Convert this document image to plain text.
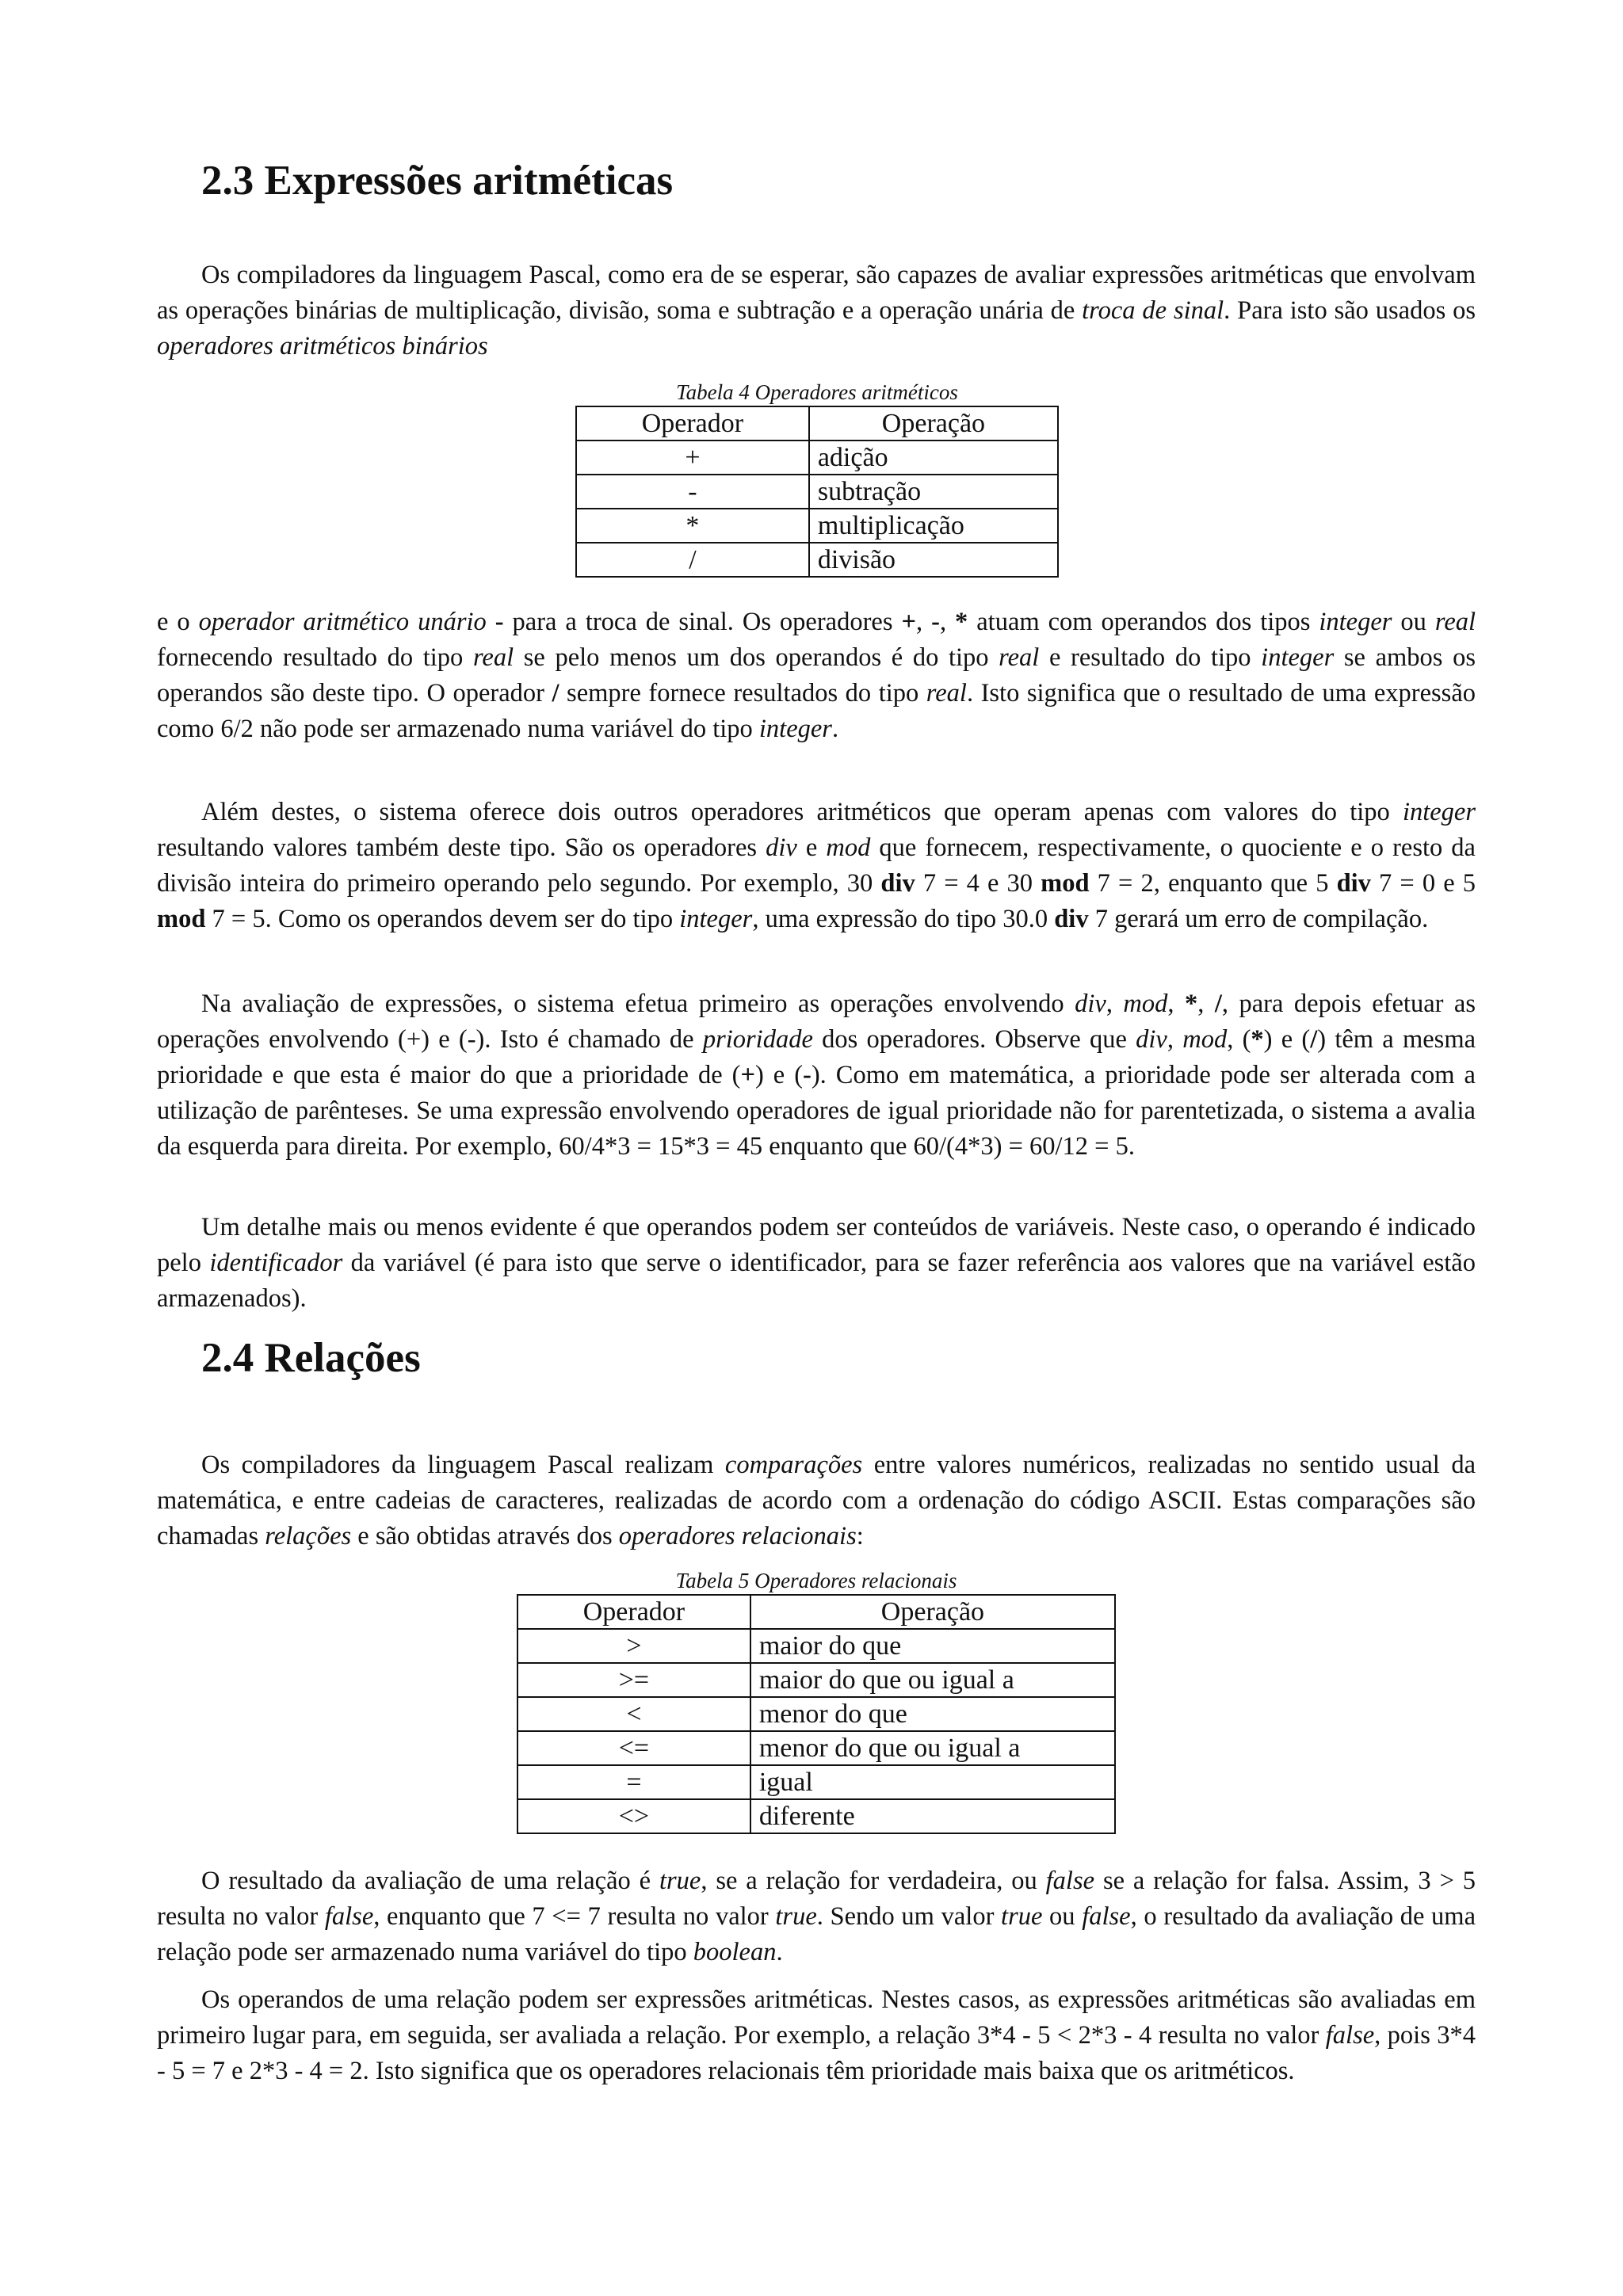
2.3 Expressões aritméticas

Os compiladores da linguagem Pascal, como era de se esperar, são capazes de avaliar expressões aritméticas que envolvam as operações binárias de multiplicação, divisão, soma e subtração e a operação unária de troca de sinal. Para isto são usados os operadores aritméticos binários

Tabela 4 Operadores aritméticos
Operador	Operação
+	adição
-	subtração
*	multiplicação
/	divisão

e o operador aritmético unário - para a troca de sinal. Os operadores +, -, * atuam com operandos dos tipos integer ou real fornecendo resultado do tipo real se pelo menos um dos operandos é do tipo real e resultado do tipo integer se ambos os operandos são deste tipo. O operador / sempre fornece resultados do tipo real. Isto significa que o resultado de uma expressão como 6/2 não pode ser armazenado numa variável do tipo integer.

Além destes, o sistema oferece dois outros operadores aritméticos que operam apenas com valores do tipo integer resultando valores também deste tipo. São os operadores div e mod que fornecem, respectivamente, o quociente e o resto da divisão inteira do primeiro operando pelo segundo. Por exemplo, 30 div 7 = 4 e 30 mod 7 = 2, enquanto que 5 div 7 = 0 e 5 mod 7 = 5. Como os operandos devem ser do tipo integer, uma expressão do tipo 30.0 div 7 gerará um erro de compilação.

Na avaliação de expressões, o sistema efetua primeiro as operações envolvendo div, mod, *, /, para depois efetuar as operações envolvendo (+) e (-). Isto é chamado de prioridade dos operadores. Observe que div, mod, (*) e (/) têm a mesma prioridade e que esta é maior do que a prioridade de (+) e (-). Como em matemática, a prioridade pode ser alterada com a utilização de parênteses. Se uma expressão envolvendo operadores de igual prioridade não for parentetizada, o sistema a avalia da esquerda para direita. Por exemplo, 60/4*3 = 15*3 = 45 enquanto que 60/(4*3) = 60/12 = 5.

Um detalhe mais ou menos evidente é que operandos podem ser conteúdos de variáveis. Neste caso, o operando é indicado pelo identificador da variável (é para isto que serve o identificador, para se fazer referência aos valores que na variável estão armazenados).

2.4 Relações

Os compiladores da linguagem Pascal realizam comparações entre valores numéricos, realizadas no sentido usual da matemática, e entre cadeias de caracteres, realizadas de acordo com a ordenação do código ASCII. Estas comparações são chamadas relações e são obtidas através dos operadores relacionais:

Tabela 5 Operadores relacionais
Operador	Operação
>	maior do que
>=	maior do que ou igual a
<	menor do que
<=	menor do que ou igual a
=	igual
<>	diferente

O resultado da avaliação de uma relação é true, se a relação for verdadeira, ou false se a relação for falsa. Assim, 3 > 5 resulta no valor false, enquanto que 7 <= 7 resulta no valor true. Sendo um valor true ou false, o resultado da avaliação de uma relação pode ser armazenado numa variável do tipo boolean.

Os operandos de uma relação podem ser expressões aritméticas. Nestes casos, as expressões aritméticas são avaliadas em primeiro lugar para, em seguida, ser avaliada a relação. Por exemplo, a relação 3*4 - 5 < 2*3 - 4 resulta no valor false, pois 3*4 - 5 = 7 e 2*3 - 4 = 2. Isto significa que os operadores relacionais têm prioridade mais baixa que os aritméticos.
